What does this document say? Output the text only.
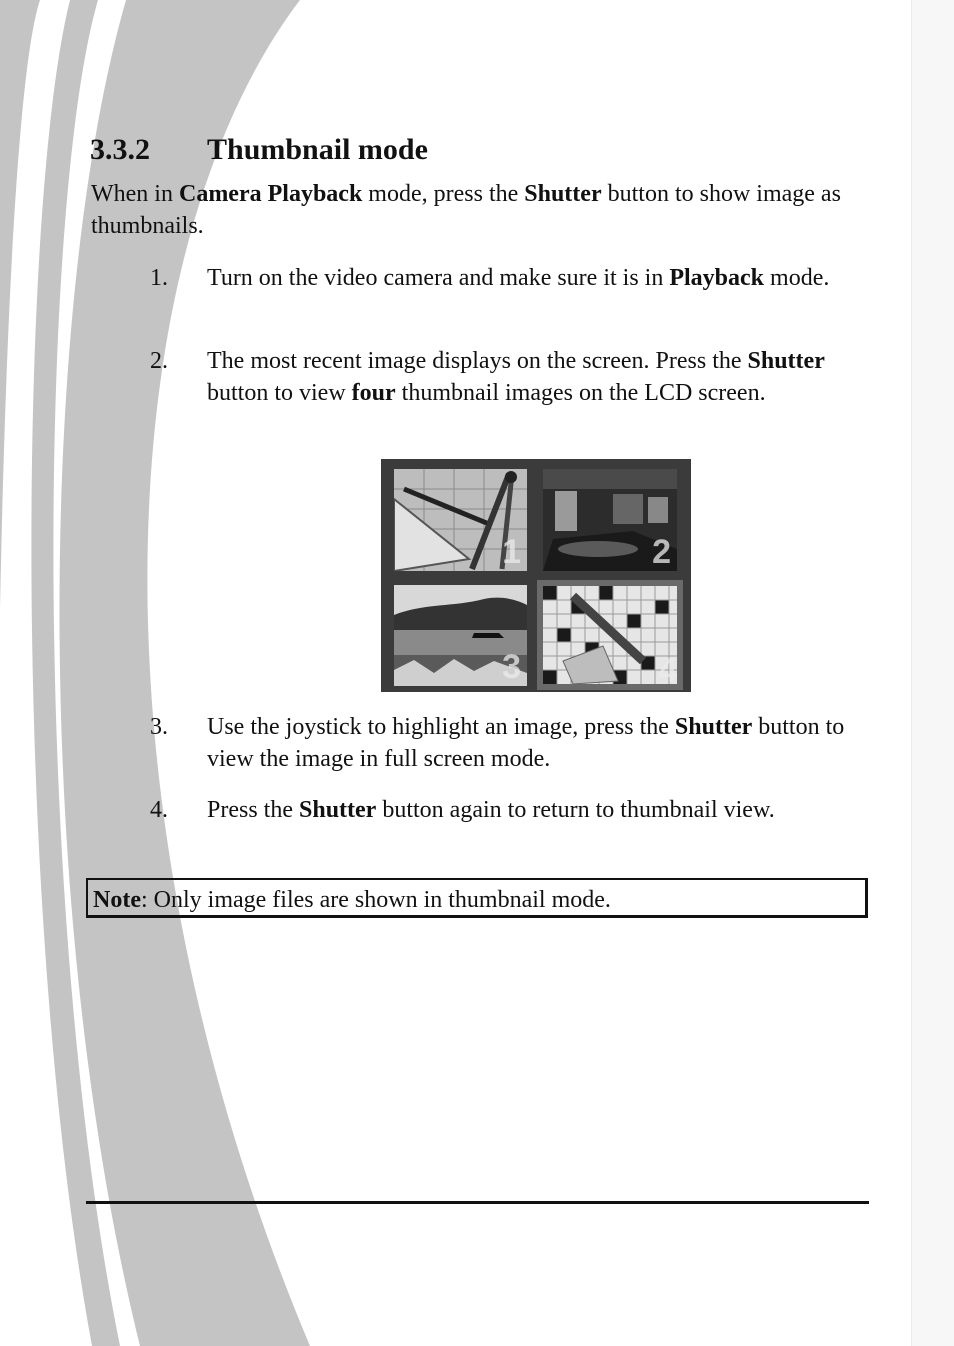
3.3.2 Thumbnail mode

When in Camera Playback mode, press the Shutter button to show image as thumbnails.

1. Turn on the video camera and make sure it is in Playback mode.
2. The most recent image displays on the screen. Press the Shutter button to view four thumbnail images on the LCD screen.
1	2
3	4
3. Use the joystick to highlight an image, press the Shutter button to view the image in full screen mode.
4. Press the Shutter button again to return to thumbnail view.
Note: Only image files are shown in thumbnail mode.
